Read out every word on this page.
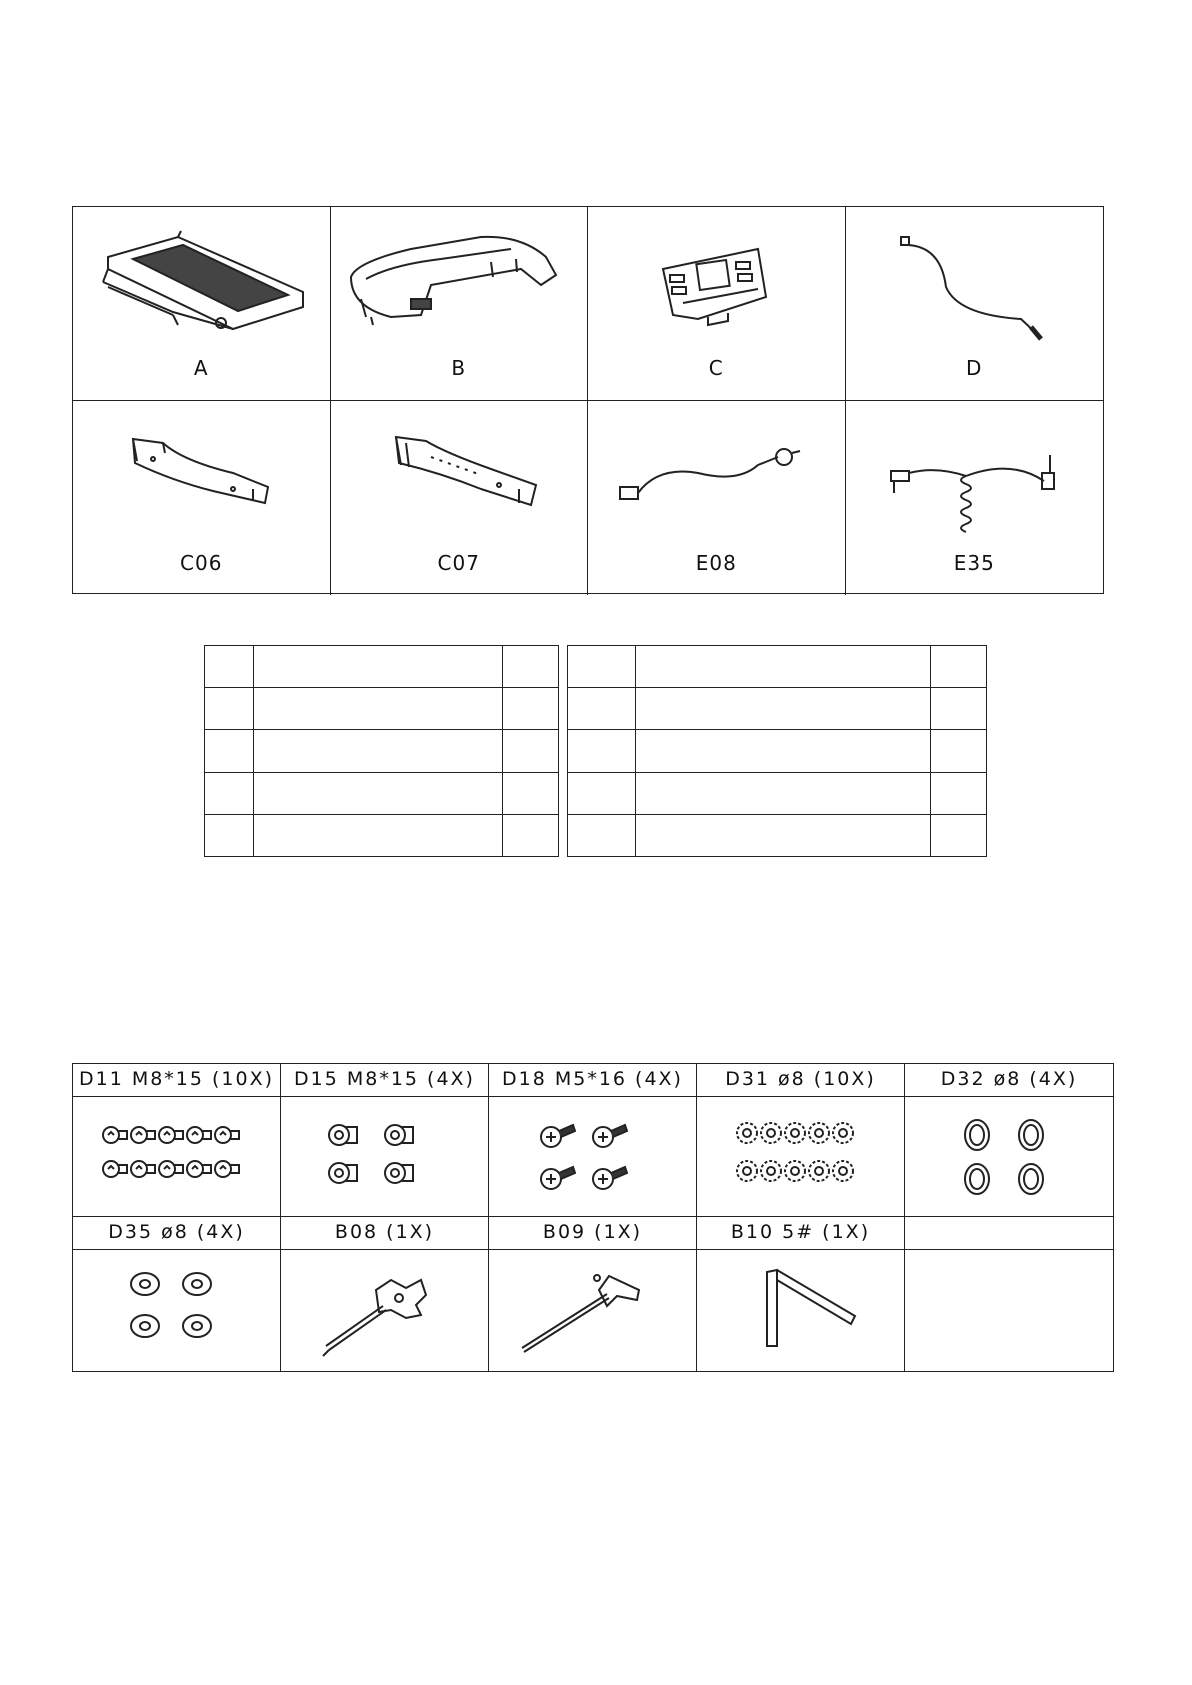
A	B	C	D
C06	C07	E08	E35

D11 M8*15 (10X)	D15 M8*15 (4X)	D18 M5*16 (4X)	D31 ø8 (10X)	D32 ø8 (4X)
D35 ø8 (4X)	B08 (1X)	B09 (1X)	B10 5# (1X)
